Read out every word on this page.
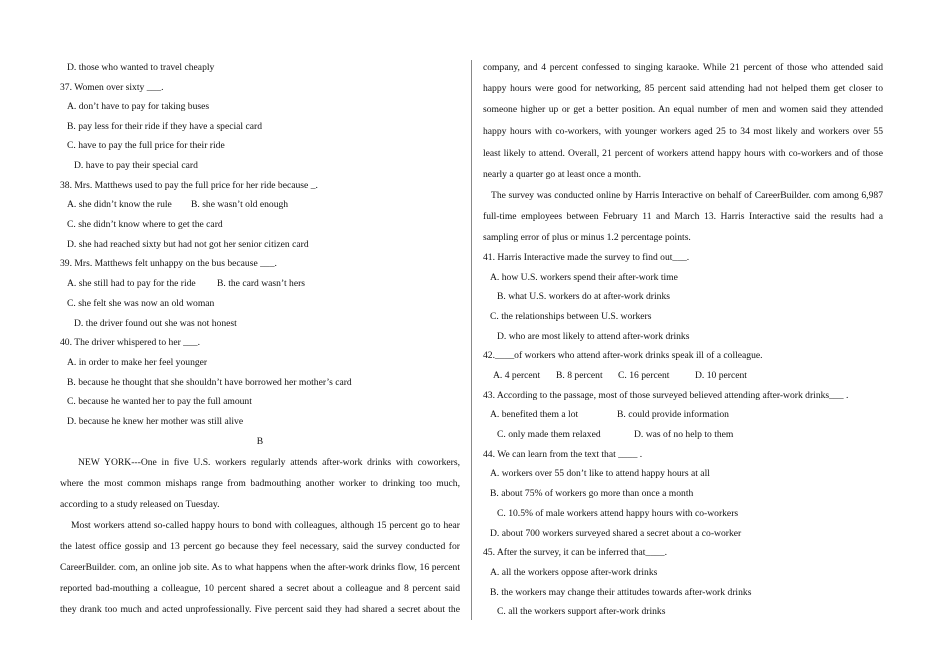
D. those who wanted to travel cheaply
37. Women over sixty ___.
A. don’t have to pay for taking buses
B. pay less for their ride if they have a special card
C. have to pay the full price for their ride
D. have to pay their special card
38. Mrs. Matthews used to pay the full price for her ride because _.
A. she didn’t know the rule B. she wasn’t old enough
C. she didn’t know where to get the card
D. she had reached sixty but had not got her senior citizen card
39. Mrs. Matthews felt unhappy on the bus because ___.
A. she still had to pay for the ride B. the card wasn’t hers
C. she felt she was now an old woman
D. the driver found out she was not honest
40. The driver whispered to her ___.
A. in order to make her feel younger
B. because he thought that she shouldn’t have borrowed her mother’s card
C. because he wanted her to pay the full amount
D. because he knew her mother was still alive
B
NEW YORK---One in five U.S. workers regularly attends after-work drinks with coworkers,
where the most common mishaps range from badmouthing another worker to drinking too much,
according to a study released on Tuesday.
Most workers attend so-called happy hours to bond with colleagues, although 15 percent go to hear
the latest office gossip and 13 percent go because they feel necessary, said the survey conducted for
CareerBuilder. com, an online job site. As to what happens when the after-work drinks flow, 16 percent
reported bad-mouthing a colleague, 10 percent shared a secret about a colleague and 8 percent said
they drank too much and acted unprofessionally. Five percent said they had shared a secret about the
company, and 4 percent confessed to singing karaoke. While 21 percent of those who attended said
happy hours were good for networking, 85 percent said attending had not helped them get closer to
someone higher up or get a better position. An equal number of men and women said they attended
happy hours with co-workers, with younger workers aged 25 to 34 most likely and workers over 55
least likely to attend. Overall, 21 percent of workers attend happy hours with co-workers and of those
nearly a quarter go at least once a month.
The survey was conducted online by Harris Interactive on behalf of CareerBuilder. com among 6,987
full-time employees between February 11 and March 13. Harris Interactive said the results had a
sampling error of plus or minus 1.2 percentage points.
41. Harris Interactive made the survey to find out___.
A. how U.S. workers spend their after-work time
B. what U.S. workers do at after-work drinks
C. the relationships between U.S. workers
D. who are most likely to attend after-work drinks
42.____of workers who attend after-work drinks speak ill of a colleague.
A. 4 percent B. 8 percent C. 16 percent	D. 10 percent
43. According to the passage, most of those surveyed believed attending after-work drinks___ .
A. benefited them a lot	B. could provide information
C. only made them relaxed	D. was of no help to them
44. We can learn from the text that ____ .
A. workers over 55 don’t like to attend happy hours at all
B. about 75% of workers go more than once a month
C. 10.5% of male workers attend happy hours with co-workers
D. about 700 workers surveyed shared a secret about a co-worker
45. After the survey, it can be inferred that____.
A. all the workers oppose after-work drinks
B. the workers may change their attitudes towards after-work drinks
C. all the workers support after-work drinks
